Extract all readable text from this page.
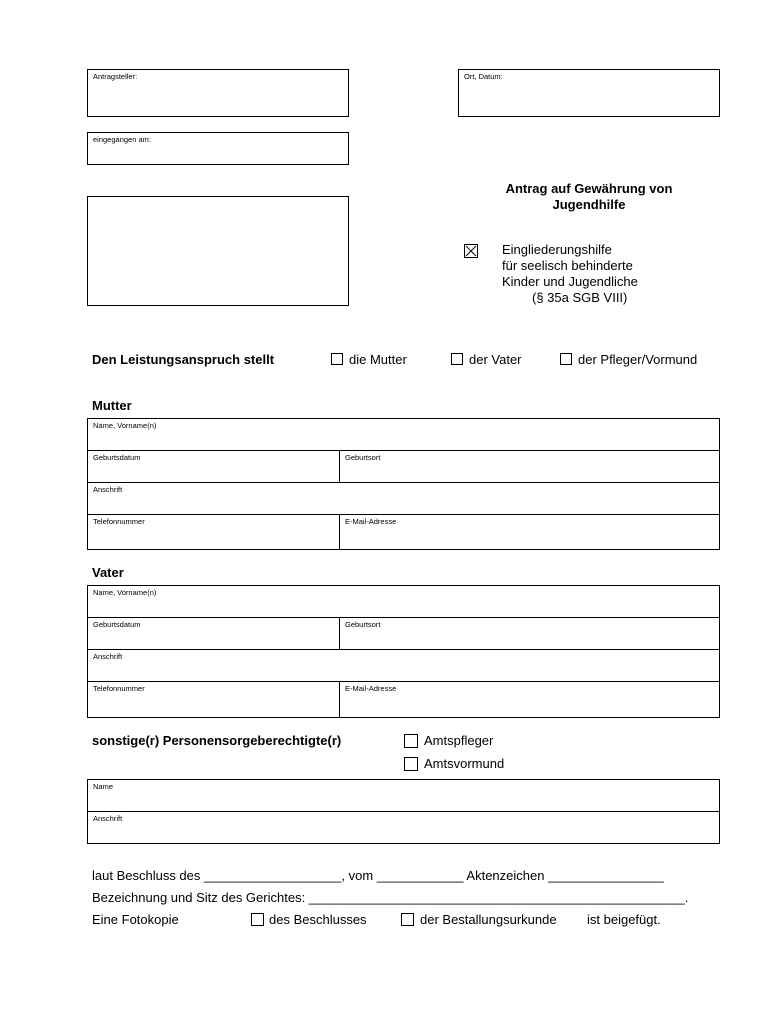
Antragsteller:	Ort, Datum:
eingegangen am:
Antrag auf Gewährung von
Jugendhilfe
Eingliederungshilfe
für seelisch behinderte
Kinder und Jugendliche
(§ 35a SGB VIII)
Den Leistungsanspruch stellt	die Mutter	der Vater	der Pfleger/Vormund
Mutter
Name, Vorname(n)
Geburtsdatum	Geburtsort
Anschrift
Telefonnummer	E-Mail-Adresse
Vater
Name, Vorname(n)
Geburtsdatum	Geburtsort
Anschrift
Telefonnummer	E-Mail-Adresse
sonstige(r) Personensorgeberechtigte(r)	Amtspfleger
Amtsvormund
Name
Anschrift
laut Beschluss des ___________________, vom ____________ Aktenzeichen ________________
Bezeichnung und Sitz des Gerichtes: ____________________________________________________.
Eine Fotokopie	des Beschlusses	der Bestallungsurkunde ist beigefügt.
